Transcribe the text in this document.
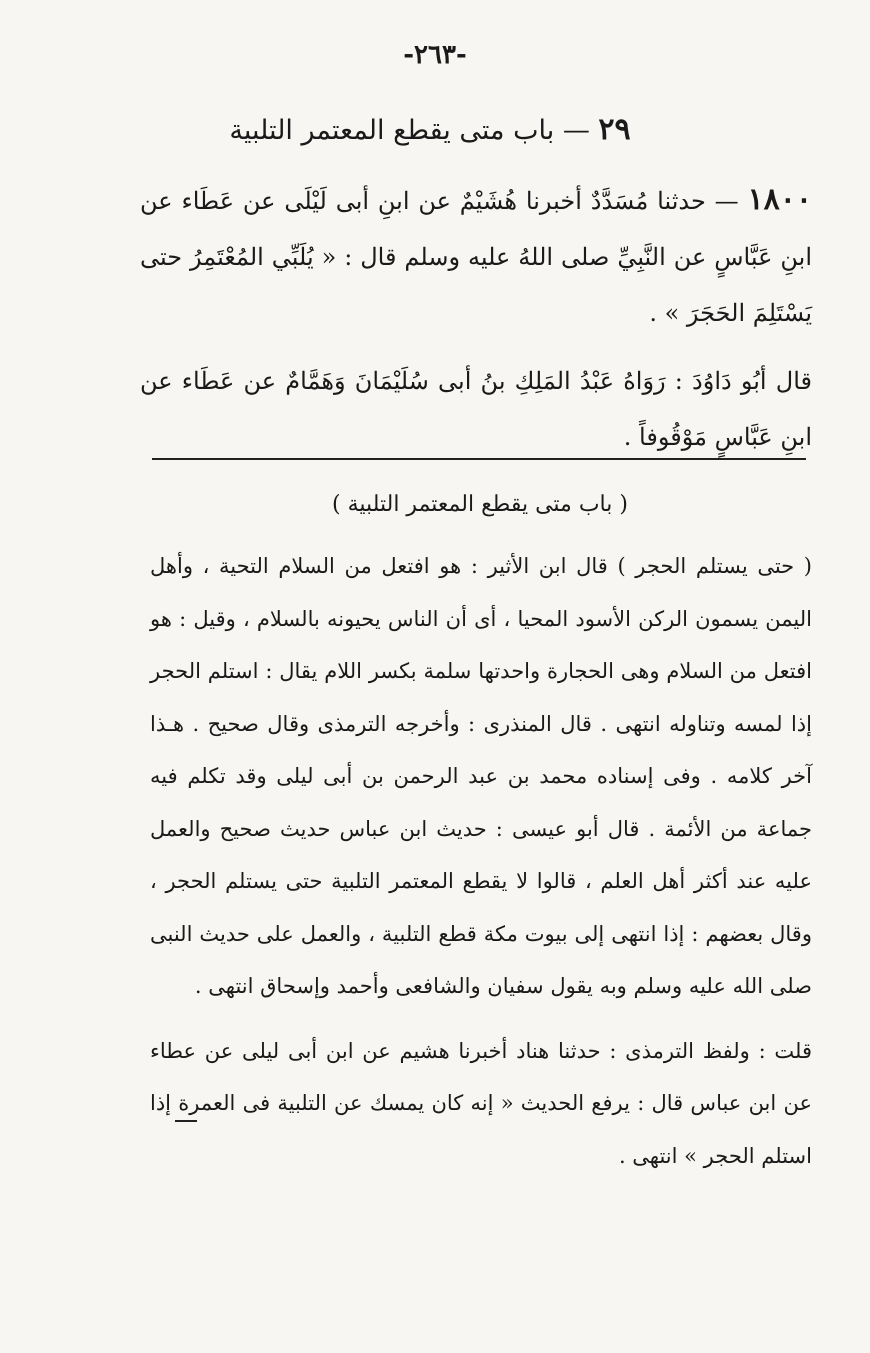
-٢٦٣-
٢٩ — باب متى يقطع المعتمر التلبية

١٨٠٠ — حدثنا مُسَدَّدٌ أخبرنا هُشَيْمٌ عن ابنِ أبى لَيْلَى عن عَطَاء عن ابنِ عَبَّاسٍ عن النَّبِيِّ صلى اللهُ عليه وسلم قال : « يُلَبِّي المُعْتَمِرُ حتى يَسْتَلِمَ الحَجَرَ » .

قال أبُو دَاوُدَ : رَوَاهُ عَبْدُ المَلِكِ بنُ أبى سُلَيْمَانَ وَهَمَّامٌ عن عَطَاء عن ابنِ عَبَّاسٍ مَوْقُوفاً .

( باب متى يقطع المعتمر التلبية )

( حتى يستلم الحجر ) قال ابن الأثير : هو افتعل من السلام التحية ، وأهل اليمن يسمون الركن الأسود المحيا ، أى أن الناس يحيونه بالسلام ، وقيل : هو افتعل من السلام وهى الحجارة واحدتها سلمة بكسر اللام يقال : استلم الحجر إذا لمسه وتناوله انتهى . قال المنذرى : وأخرجه الترمذى وقال صحيح . هـذا آخر كلامه . وفى إسناده محمد بن عبد الرحمن بن أبى ليلى وقد تكلم فيه جماعة من الأئمة . قال أبو عيسى : حديث ابن عباس حديث صحيح والعمل عليه عند أكثر أهل العلم ، قالوا لا يقطع المعتمر التلبية حتى يستلم الحجر ، وقال بعضهم : إذا انتهى إلى بيوت مكة قطع التلبية ، والعمل على حديث النبى صلى الله عليه وسلم وبه يقول سفيان والشافعى وأحمد وإسحاق انتهى .

قلت : ولفظ الترمذى : حدثنا هناد أخبرنا هشيم عن ابن أبى ليلى عن عطاء عن ابن عباس قال : يرفع الحديث « إنه كان يمسك عن التلبية فى العمرة إذا استلم الحجر » انتهى .
